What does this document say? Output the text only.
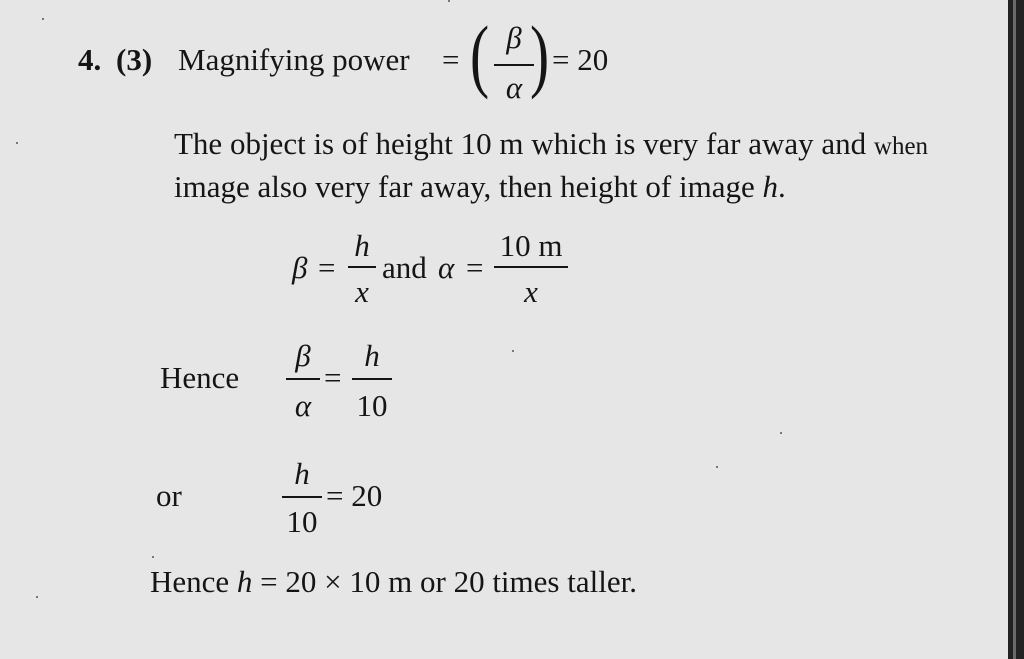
4. (3) Magnifying power = ( β
α ) = 20
The object is of height 10 m which is very far away and when
image also very far away, then height of image h.
β =
h
x
and α =
10 m
x
Hence
β
α
=
h
10
or
h
10
= 20
Hence h = 20 × 10 m or 20 times taller.
